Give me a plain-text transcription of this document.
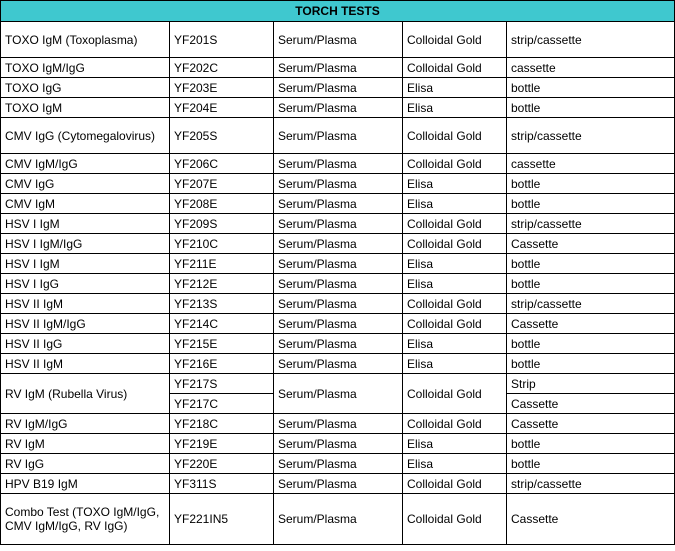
TORCH TESTS				
TOXO IgM (Toxoplasma)	YF201S	Serum/Plasma	Colloidal Gold	strip/cassette
TOXO IgM/IgG	YF202C	Serum/Plasma	Colloidal Gold	cassette
TOXO IgG	YF203E	Serum/Plasma	Elisa	bottle
TOXO IgM	YF204E	Serum/Plasma	Elisa	bottle
CMV IgG (Cytomegalovirus)	YF205S	Serum/Plasma	Colloidal Gold	strip/cassette
CMV IgM/IgG	YF206C	Serum/Plasma	Colloidal Gold	cassette
CMV IgG	YF207E	Serum/Plasma	Elisa	bottle
CMV IgM	YF208E	Serum/Plasma	Elisa	bottle
HSV I IgM	YF209S	Serum/Plasma	Colloidal Gold	strip/cassette
HSV I IgM/IgG	YF210C	Serum/Plasma	Colloidal Gold	Cassette
HSV I IgM	YF211E	Serum/Plasma	Elisa	bottle
HSV I IgG	YF212E	Serum/Plasma	Elisa	bottle
HSV II IgM	YF213S	Serum/Plasma	Colloidal Gold	strip/cassette
HSV II IgM/IgG	YF214C	Serum/Plasma	Colloidal Gold	Cassette
HSV II IgG	YF215E	Serum/Plasma	Elisa	bottle
HSV II IgM	YF216E	Serum/Plasma	Elisa	bottle
RV IgM (Rubella Virus)	YF217S	Serum/Plasma	Colloidal Gold	Strip
	YF217C			Cassette
RV IgM/IgG	YF218C	Serum/Plasma	Colloidal Gold	Cassette
RV IgM	YF219E	Serum/Plasma	Elisa	bottle
RV IgG	YF220E	Serum/Plasma	Elisa	bottle
HPV B19 IgM	YF311S	Serum/Plasma	Colloidal Gold	strip/cassette
Combo Test (TOXO IgM/IgG, CMV IgM/IgG, RV IgG)	YF221IN5	Serum/Plasma	Colloidal Gold	Cassette
